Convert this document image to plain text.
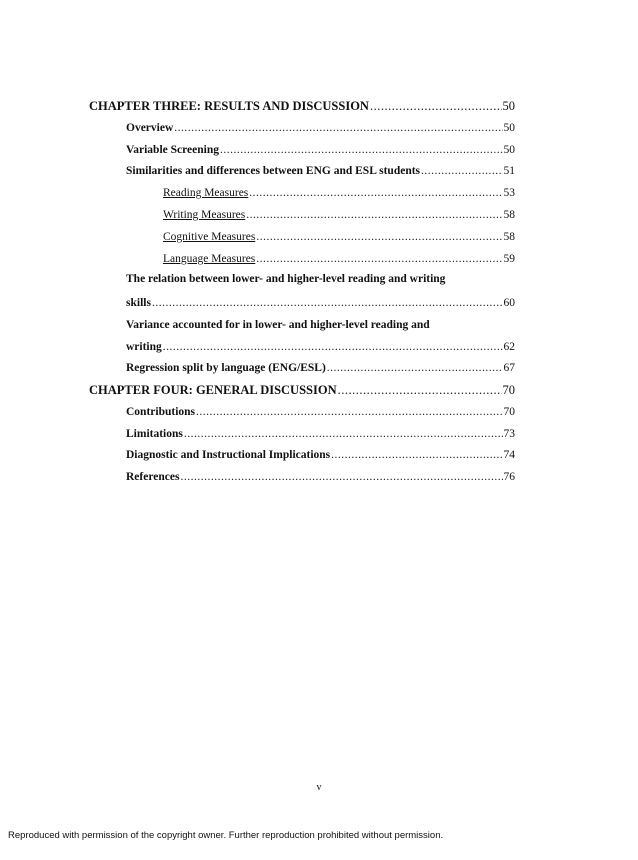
CHAPTER THREE: RESULTS AND DISCUSSION .....	50
Overview .....	50
Variable Screening .....	50
Similarities and differences between ENG and ESL students .....	51
Reading Measures .....	53
Writing Measures .....	58
Cognitive Measures .....	58
Language Measures .....	59
The relation between lower- and higher-level reading and writing
skills .....	60
Variance accounted for in lower- and higher-level reading and
writing .....	62
Regression split by language (ENG/ESL) .....	67
CHAPTER FOUR: GENERAL DISCUSSION .....	70
Contributions .....	70
Limitations .....	73
Diagnostic and Instructional Implications .....	74
References .....	76
v
Reproduced with permission of the copyright owner. Further reproduction prohibited without permission.
